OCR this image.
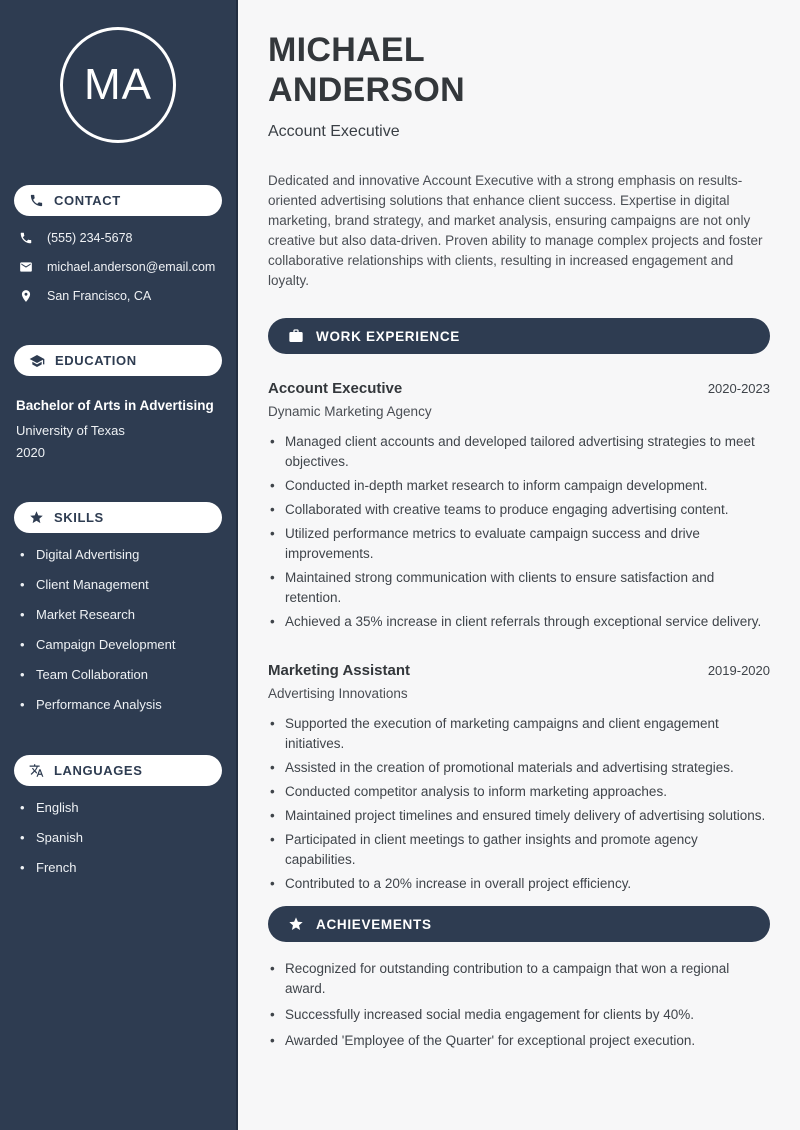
MA
CONTACT
(555) 234-5678
michael.anderson@email.com
San Francisco, CA
EDUCATION
Bachelor of Arts in Advertising
University of Texas
2020
SKILLS
• Digital Advertising
• Client Management
• Market Research
• Campaign Development
• Team Collaboration
• Performance Analysis
LANGUAGES
• English
• Spanish
• French
MICHAEL
ANDERSON
Account Executive

Dedicated and innovative Account Executive with a strong emphasis on results-oriented advertising solutions that enhance client success. Expertise in digital marketing, brand strategy, and market analysis, ensuring campaigns are not only creative but also data-driven. Proven ability to manage complex projects and foster collaborative relationships with clients, resulting in increased engagement and loyalty.

WORK EXPERIENCE
Account Executive	2020-2023
Dynamic Marketing Agency
• Managed client accounts and developed tailored advertising strategies to meet objectives.
• Conducted in-depth market research to inform campaign development.
• Collaborated with creative teams to produce engaging advertising content.
• Utilized performance metrics to evaluate campaign success and drive improvements.
• Maintained strong communication with clients to ensure satisfaction and retention.
• Achieved a 35% increase in client referrals through exceptional service delivery.
Marketing Assistant	2019-2020
Advertising Innovations
• Supported the execution of marketing campaigns and client engagement initiatives.
• Assisted in the creation of promotional materials and advertising strategies.
• Conducted competitor analysis to inform marketing approaches.
• Maintained project timelines and ensured timely delivery of advertising solutions.
• Participated in client meetings to gather insights and promote agency capabilities.
• Contributed to a 20% increase in overall project efficiency.
ACHIEVEMENTS
• Recognized for outstanding contribution to a campaign that won a regional award.
• Successfully increased social media engagement for clients by 40%.
• Awarded 'Employee of the Quarter' for exceptional project execution.
